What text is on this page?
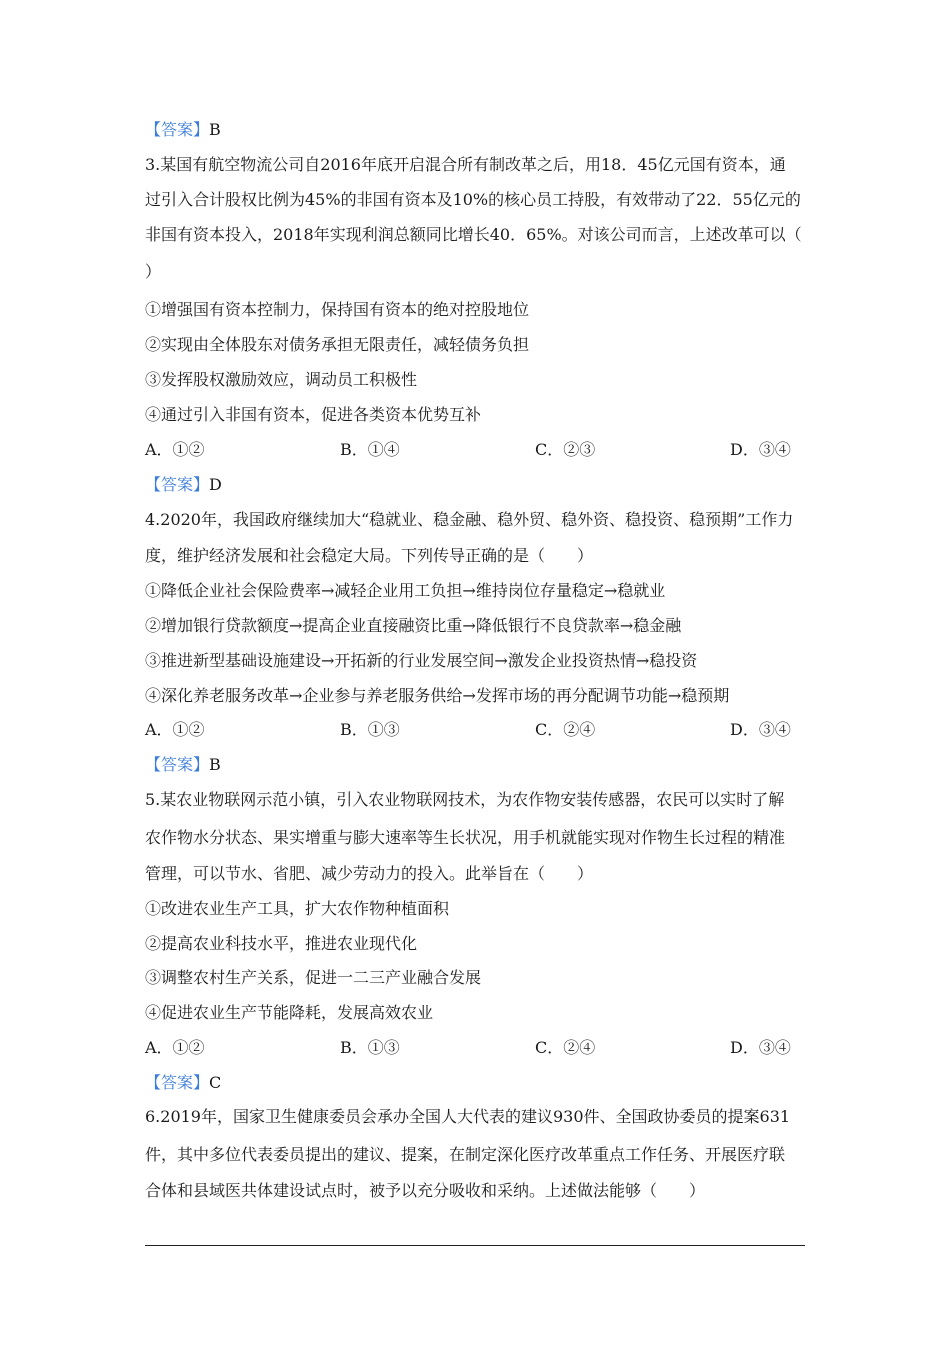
【答案】B
3.某国有航空物流公司自2016年底开启混合所有制改革之后，用18．45亿元国有资本，通
过引入合计股权比例为45%的非国有资本及10%的核心员工持股，有效带动了22．55亿元的
非国有资本投入，2018年实现利润总额同比增长40．65%。对该公司而言，上述改革可以（
）
①增强国有资本控制力，保持国有资本的绝对控股地位
②实现由全体股东对债务承担无限责任，减轻债务负担
③发挥股权激励效应，调动员工积极性
④通过引入非国有资本，促进各类资本优势互补
A．①②	B．①④	C．②③	D．③④
【答案】D
4.2020年，我国政府继续加大“稳就业、稳金融、稳外贸、稳外资、稳投资、稳预期”工作力
度，维护经济发展和社会稳定大局。下列传导正确的是（　　）
①降低企业社会保险费率→减轻企业用工负担→维持岗位存量稳定→稳就业
②增加银行贷款额度→提高企业直接融资比重→降低银行不良贷款率→稳金融
③推进新型基础设施建设→开拓新的行业发展空间→激发企业投资热情→稳投资
④深化养老服务改革→企业参与养老服务供给→发挥市场的再分配调节功能→稳预期
A．①②	B．①③	C．②④	D．③④
【答案】B
5.某农业物联网示范小镇，引入农业物联网技术，为农作物安装传感器，农民可以实时了解
农作物水分状态、果实增重与膨大速率等生长状况，用手机就能实现对作物生长过程的精准
管理，可以节水、省肥、减少劳动力的投入。此举旨在（　　）
①改进农业生产工具，扩大农作物种植面积
②提高农业科技水平，推进农业现代化
③调整农村生产关系，促进一二三产业融合发展
④促进农业生产节能降耗，发展高效农业
A．①②	B．①③	C．②④	D．③④
【答案】C
6.2019年，国家卫生健康委员会承办全国人大代表的建议930件、全国政协委员的提案631
件，其中多位代表委员提出的建议、提案，在制定深化医疗改革重点工作任务、开展医疗联
合体和县域医共体建设试点时，被予以充分吸收和采纳。上述做法能够（　　）
